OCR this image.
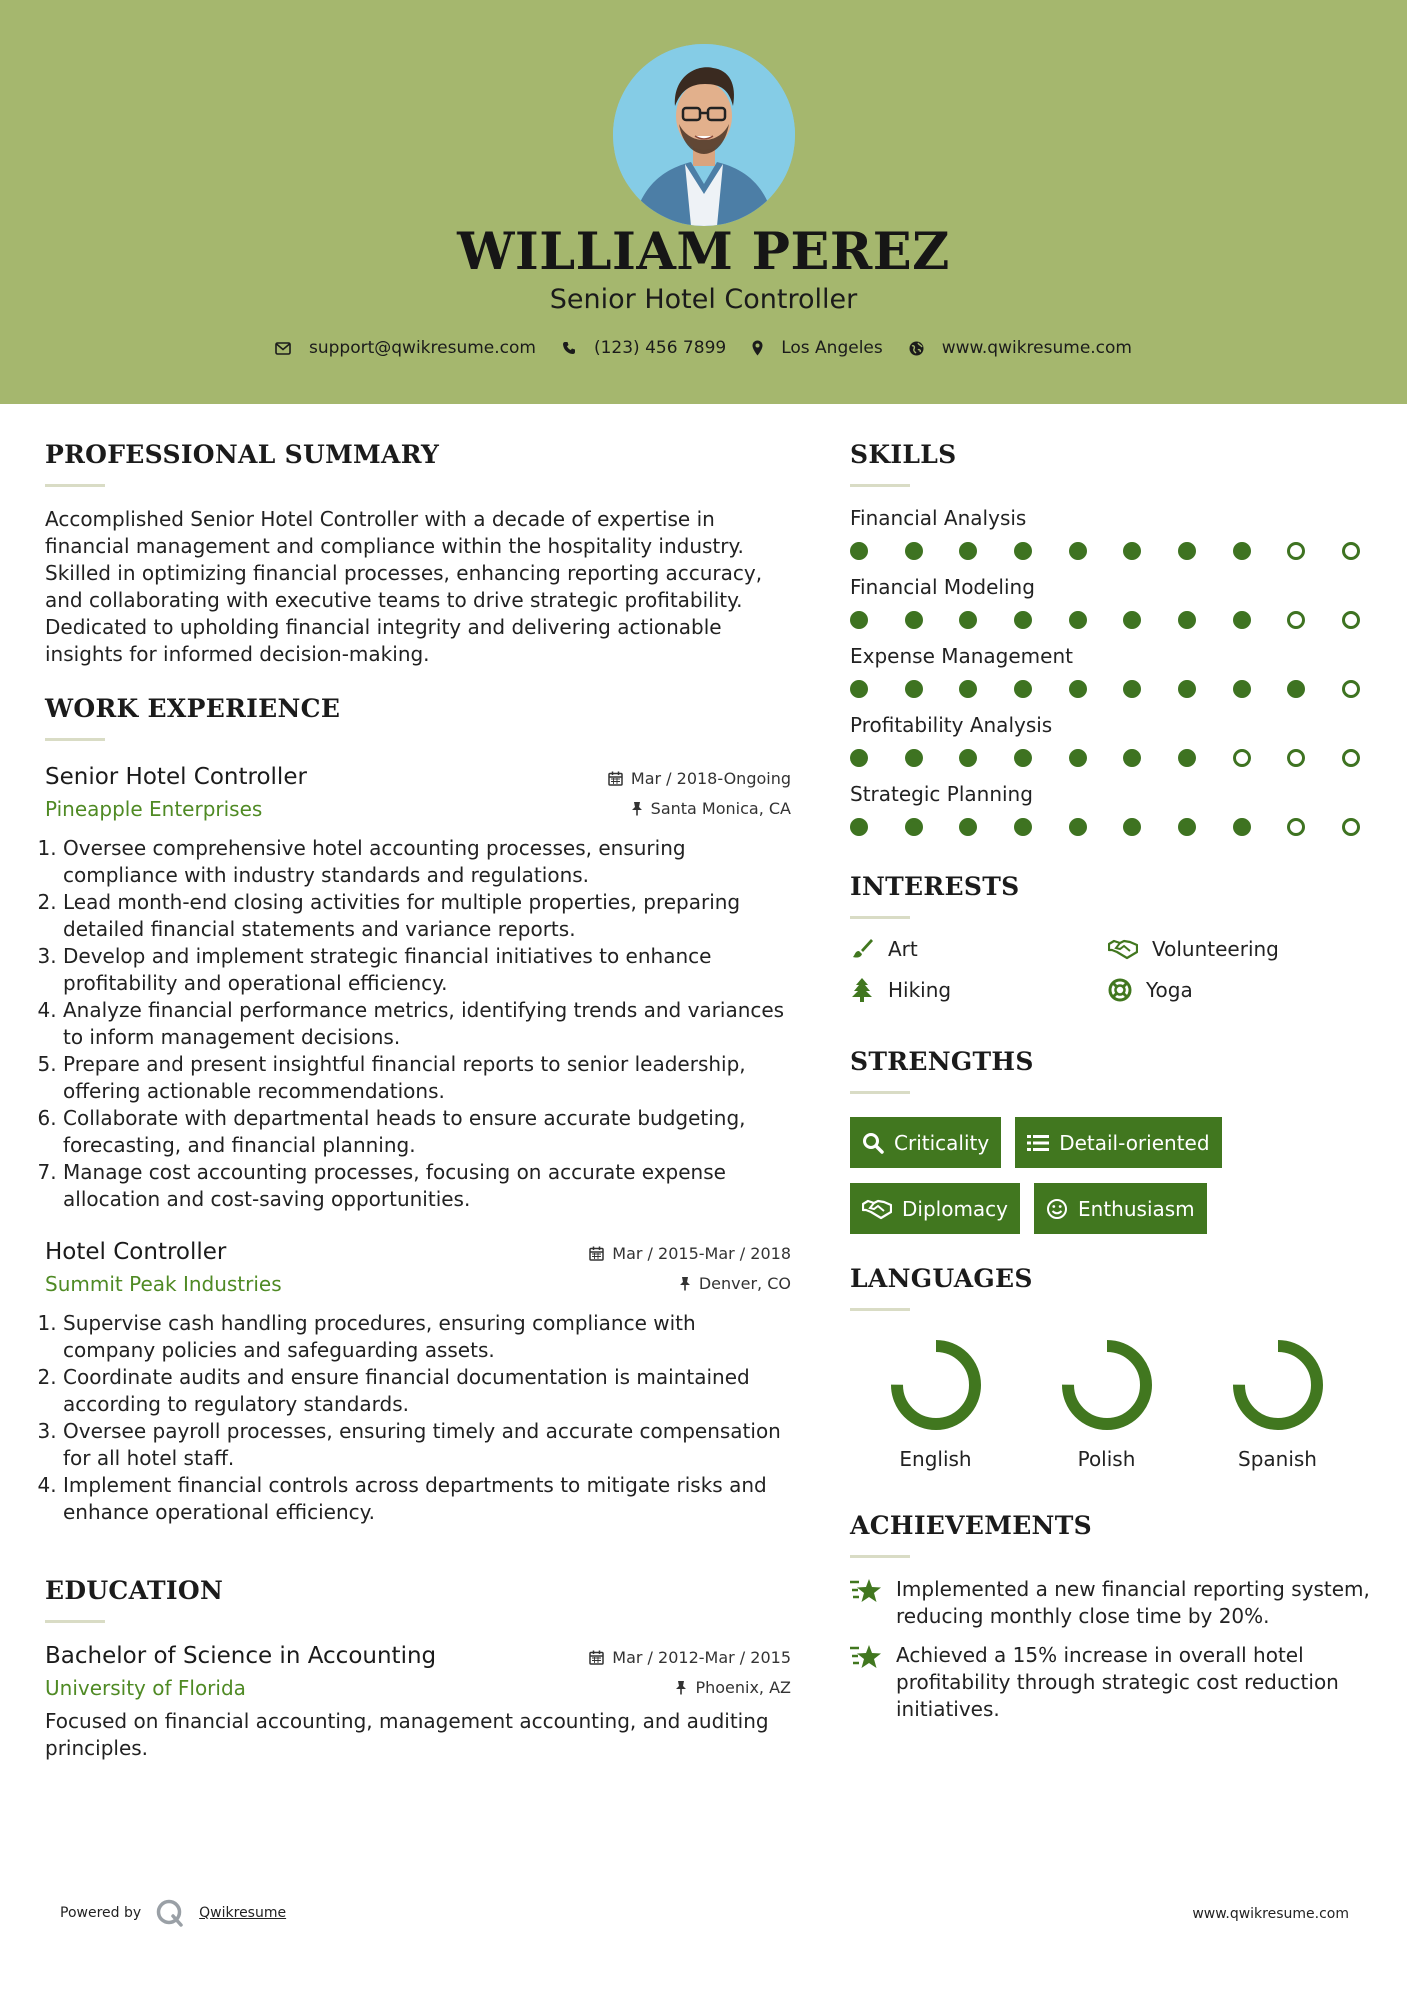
WILLIAM PEREZ
Senior Hotel Controller
support@qwikresume.com	(123) 456 7899	Los Angeles	www.qwikresume.com
PROFESSIONAL SUMMARY
Accomplished Senior Hotel Controller with a decade of expertise in financial management and compliance within the hospitality industry. Skilled in optimizing financial processes, enhancing reporting accuracy, and collaborating with executive teams to drive strategic profitability. Dedicated to upholding financial integrity and delivering actionable insights for informed decision-making.
WORK EXPERIENCE
Senior Hotel Controller	Mar / 2018-Ongoing
Pineapple Enterprises	Santa Monica, CA
1. Oversee comprehensive hotel accounting processes, ensuring compliance with industry standards and regulations.
2. Lead month-end closing activities for multiple properties, preparing detailed financial statements and variance reports.
3. Develop and implement strategic financial initiatives to enhance profitability and operational efficiency.
4. Analyze financial performance metrics, identifying trends and variances to inform management decisions.
5. Prepare and present insightful financial reports to senior leadership, offering actionable recommendations.
6. Collaborate with departmental heads to ensure accurate budgeting, forecasting, and financial planning.
7. Manage cost accounting processes, focusing on accurate expense allocation and cost-saving opportunities.
Hotel Controller	Mar / 2015-Mar / 2018
Summit Peak Industries	Denver, CO
1. Supervise cash handling procedures, ensuring compliance with company policies and safeguarding assets.
2. Coordinate audits and ensure financial documentation is maintained according to regulatory standards.
3. Oversee payroll processes, ensuring timely and accurate compensation for all hotel staff.
4. Implement financial controls across departments to mitigate risks and enhance operational efficiency.
EDUCATION
Bachelor of Science in Accounting	Mar / 2012-Mar / 2015
University of Florida	Phoenix, AZ
Focused on financial accounting, management accounting, and auditing principles.
SKILLS
Financial Analysis
Financial Modeling
Expense Management
Profitability Analysis
Strategic Planning
INTERESTS
Art	Volunteering
Hiking	Yoga
STRENGTHS
Criticality	Detail-oriented
Diplomacy	Enthusiasm
LANGUAGES
English	Polish	Spanish
ACHIEVEMENTS
Implemented a new financial reporting system, reducing monthly close time by 20%.
Achieved a 15% increase in overall hotel profitability through strategic cost reduction initiatives.
Powered by	Qwikresume	www.qwikresume.com
